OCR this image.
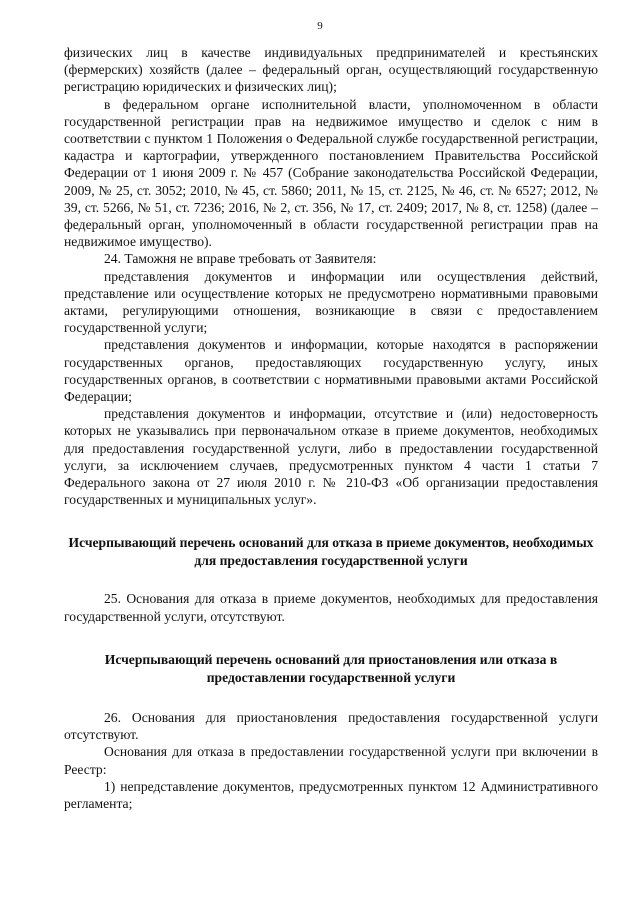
9

физических лиц в качестве индивидуальных предпринимателей и крестьянских (фермерских) хозяйств (далее – федеральный орган, осуществляющий государственную регистрацию юридических и физических лиц);

в федеральном органе исполнительной власти, уполномоченном в области государственной регистрации прав на недвижимое имущество и сделок с ним в соответствии с пунктом 1 Положения о Федеральной службе государственной регистрации, кадастра и картографии, утвержденного постановлением Правительства Российской Федерации от 1 июня 2009 г. № 457 (Собрание законодательства Российской Федерации, 2009, № 25, ст. 3052; 2010, № 45, ст. 5860; 2011, № 15, ст. 2125, № 46, ст. № 6527; 2012, № 39, ст. 5266, № 51, ст. 7236; 2016, № 2, ст. 356, № 17, ст. 2409; 2017, № 8, ст. 1258) (далее – федеральный орган, уполномоченный в области государственной регистрации прав на недвижимое имущество).

24. Таможня не вправе требовать от Заявителя:

представления документов и информации или осуществления действий, представление или осуществление которых не предусмотрено нормативными правовыми актами, регулирующими отношения, возникающие в связи с предоставлением государственной услуги;

представления документов и информации, которые находятся в распоряжении государственных органов, предоставляющих государственную услугу, иных государственных органов, в соответствии с нормативными правовыми актами Российской Федерации;

представления документов и информации, отсутствие и (или) недостоверность которых не указывались при первоначальном отказе в приеме документов, необходимых для предоставления государственной услуги, либо в предоставлении государственной услуги, за исключением случаев, предусмотренных пунктом 4 части 1 статьи 7 Федерального закона от 27 июля 2010 г. № 210-ФЗ «Об организации предоставления государственных и муниципальных услуг».

Исчерпывающий перечень оснований для отказа в приеме документов, необходимых для предоставления государственной услуги

25. Основания для отказа в приеме документов, необходимых для предоставления государственной услуги, отсутствуют.

Исчерпывающий перечень оснований для приостановления или отказа в предоставлении государственной услуги

26. Основания для приостановления предоставления государственной услуги отсутствуют.

Основания для отказа в предоставлении государственной услуги при включении в Реестр:

1) непредставление документов, предусмотренных пунктом 12 Административного регламента;
